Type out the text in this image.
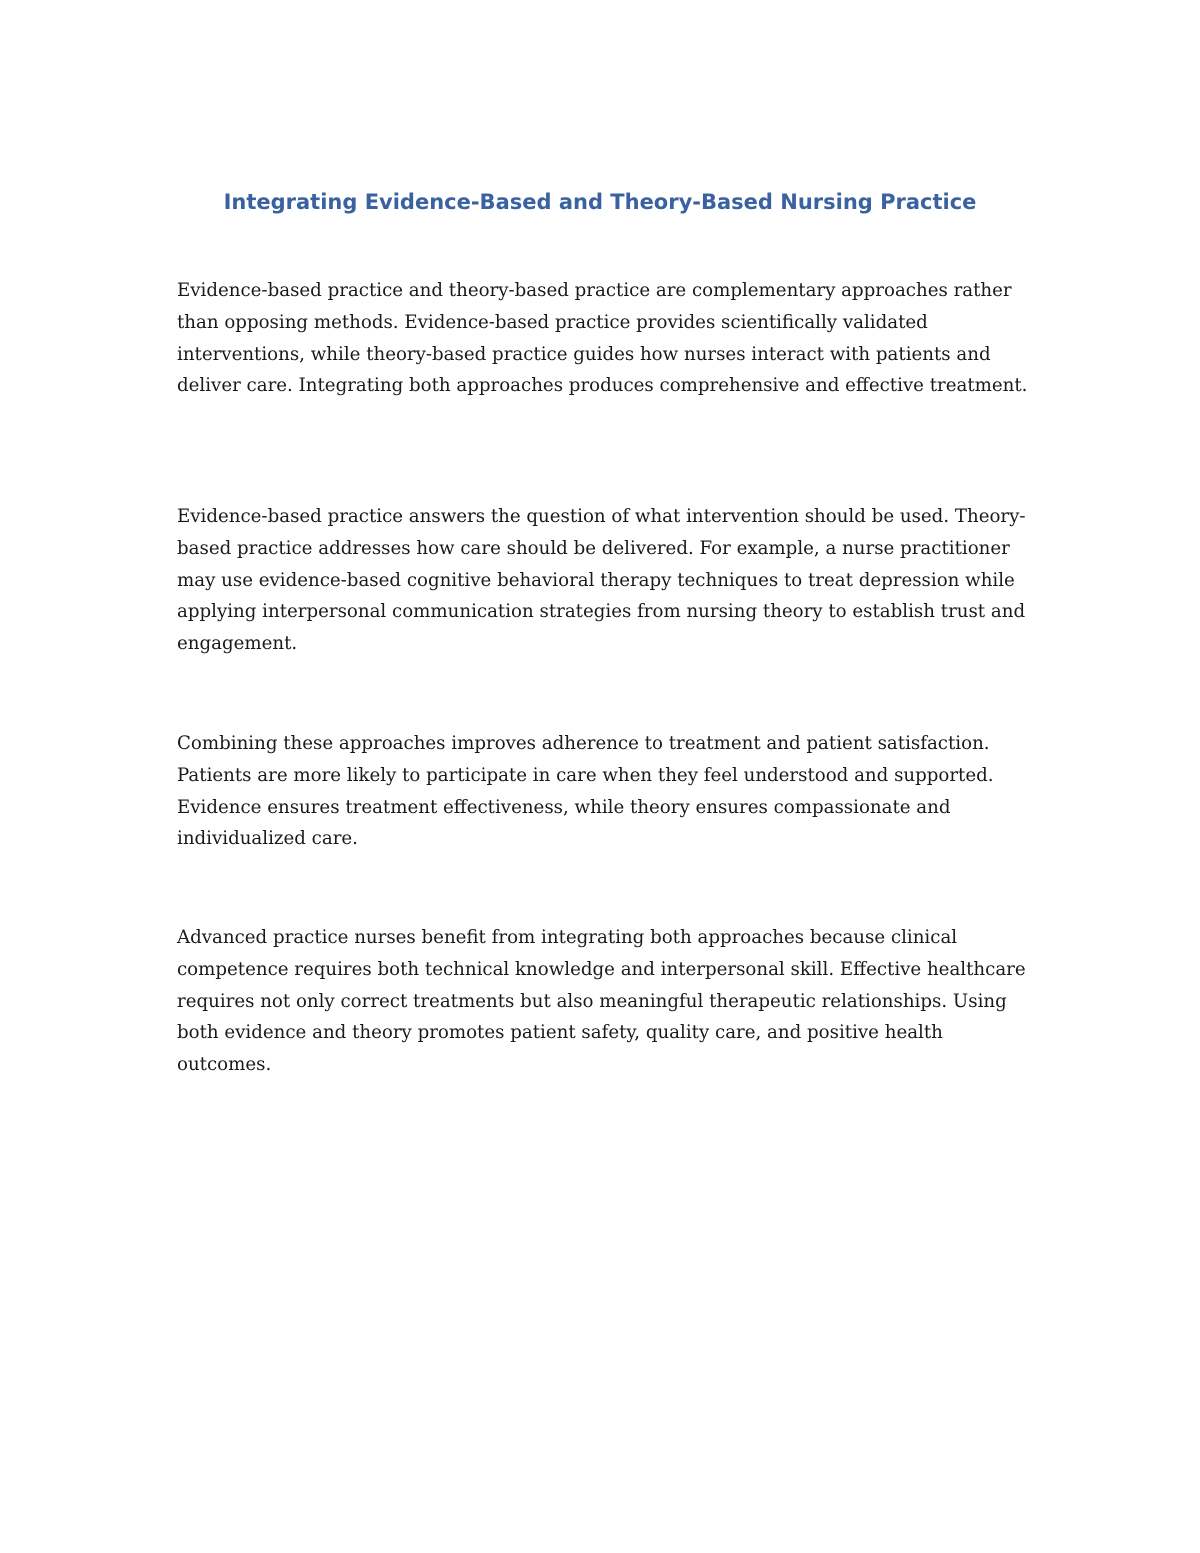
Integrating Evidence-Based and Theory-Based Nursing Practice

Evidence-based practice and theory-based practice are complementary approaches rather than opposing methods. Evidence-based practice provides scientifically validated interventions, while theory-based practice guides how nurses interact with patients and deliver care. Integrating both approaches produces comprehensive and effective treatment.

Evidence-based practice answers the question of what intervention should be used. Theory-based practice addresses how care should be delivered. For example, a nurse practitioner may use evidence-based cognitive behavioral therapy techniques to treat depression while applying interpersonal communication strategies from nursing theory to establish trust and engagement.

Combining these approaches improves adherence to treatment and patient satisfaction. Patients are more likely to participate in care when they feel understood and supported. Evidence ensures treatment effectiveness, while theory ensures compassionate and individualized care.

Advanced practice nurses benefit from integrating both approaches because clinical competence requires both technical knowledge and interpersonal skill. Effective healthcare requires not only correct treatments but also meaningful therapeutic relationships. Using both evidence and theory promotes patient safety, quality care, and positive health outcomes.
